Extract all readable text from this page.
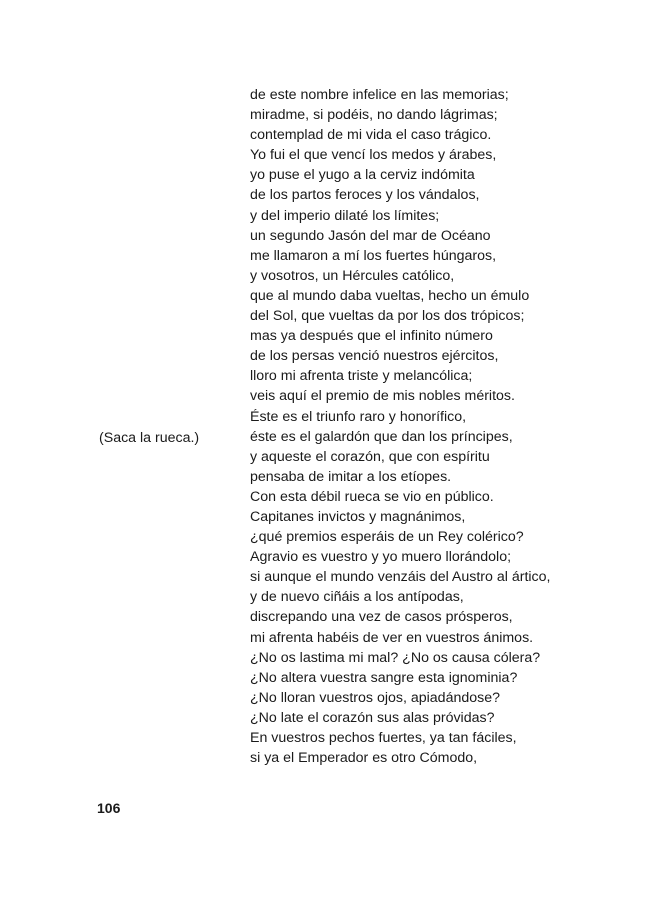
(Saca la rueca.)
de este nombre infelice en las memorias;
miradme, si podéis, no dando lágrimas;
contemplad de mi vida el caso trágico.
Yo fui el que vencí los medos y árabes,
yo puse el yugo a la cerviz indómita
de los partos feroces y los vándalos,
y del imperio dilaté los límites;
un segundo Jasón del mar de Océano
me llamaron a mí los fuertes húngaros,
y vosotros, un Hércules católico,
que al mundo daba vueltas, hecho un émulo
del Sol, que vueltas da por los dos trópicos;
mas ya después que el infinito número
de los persas venció nuestros ejércitos,
lloro mi afrenta triste y melancólica;
veis aquí el premio de mis nobles méritos.
Éste es el triunfo raro y honorífico,
éste es el galardón que dan los príncipes,
y aqueste el corazón, que con espíritu
pensaba de imitar a los etíopes.
Con esta débil rueca se vio en público.
Capitanes invictos y magnánimos,
¿qué premios esperáis de un Rey colérico?
Agravio es vuestro y yo muero llorándolo;
si aunque el mundo venzáis del Austro al ártico,
y de nuevo ciñáis a los antípodas,
discrepando una vez de casos prósperos,
mi afrenta habéis de ver en vuestros ánimos.
¿No os lastima mi mal? ¿No os causa cólera?
¿No altera vuestra sangre esta ignominia?
¿No lloran vuestros ojos, apiadándose?
¿No late el corazón sus alas próvidas?
En vuestros pechos fuertes, ya tan fáciles,
si ya el Emperador es otro Cómodo,
106
